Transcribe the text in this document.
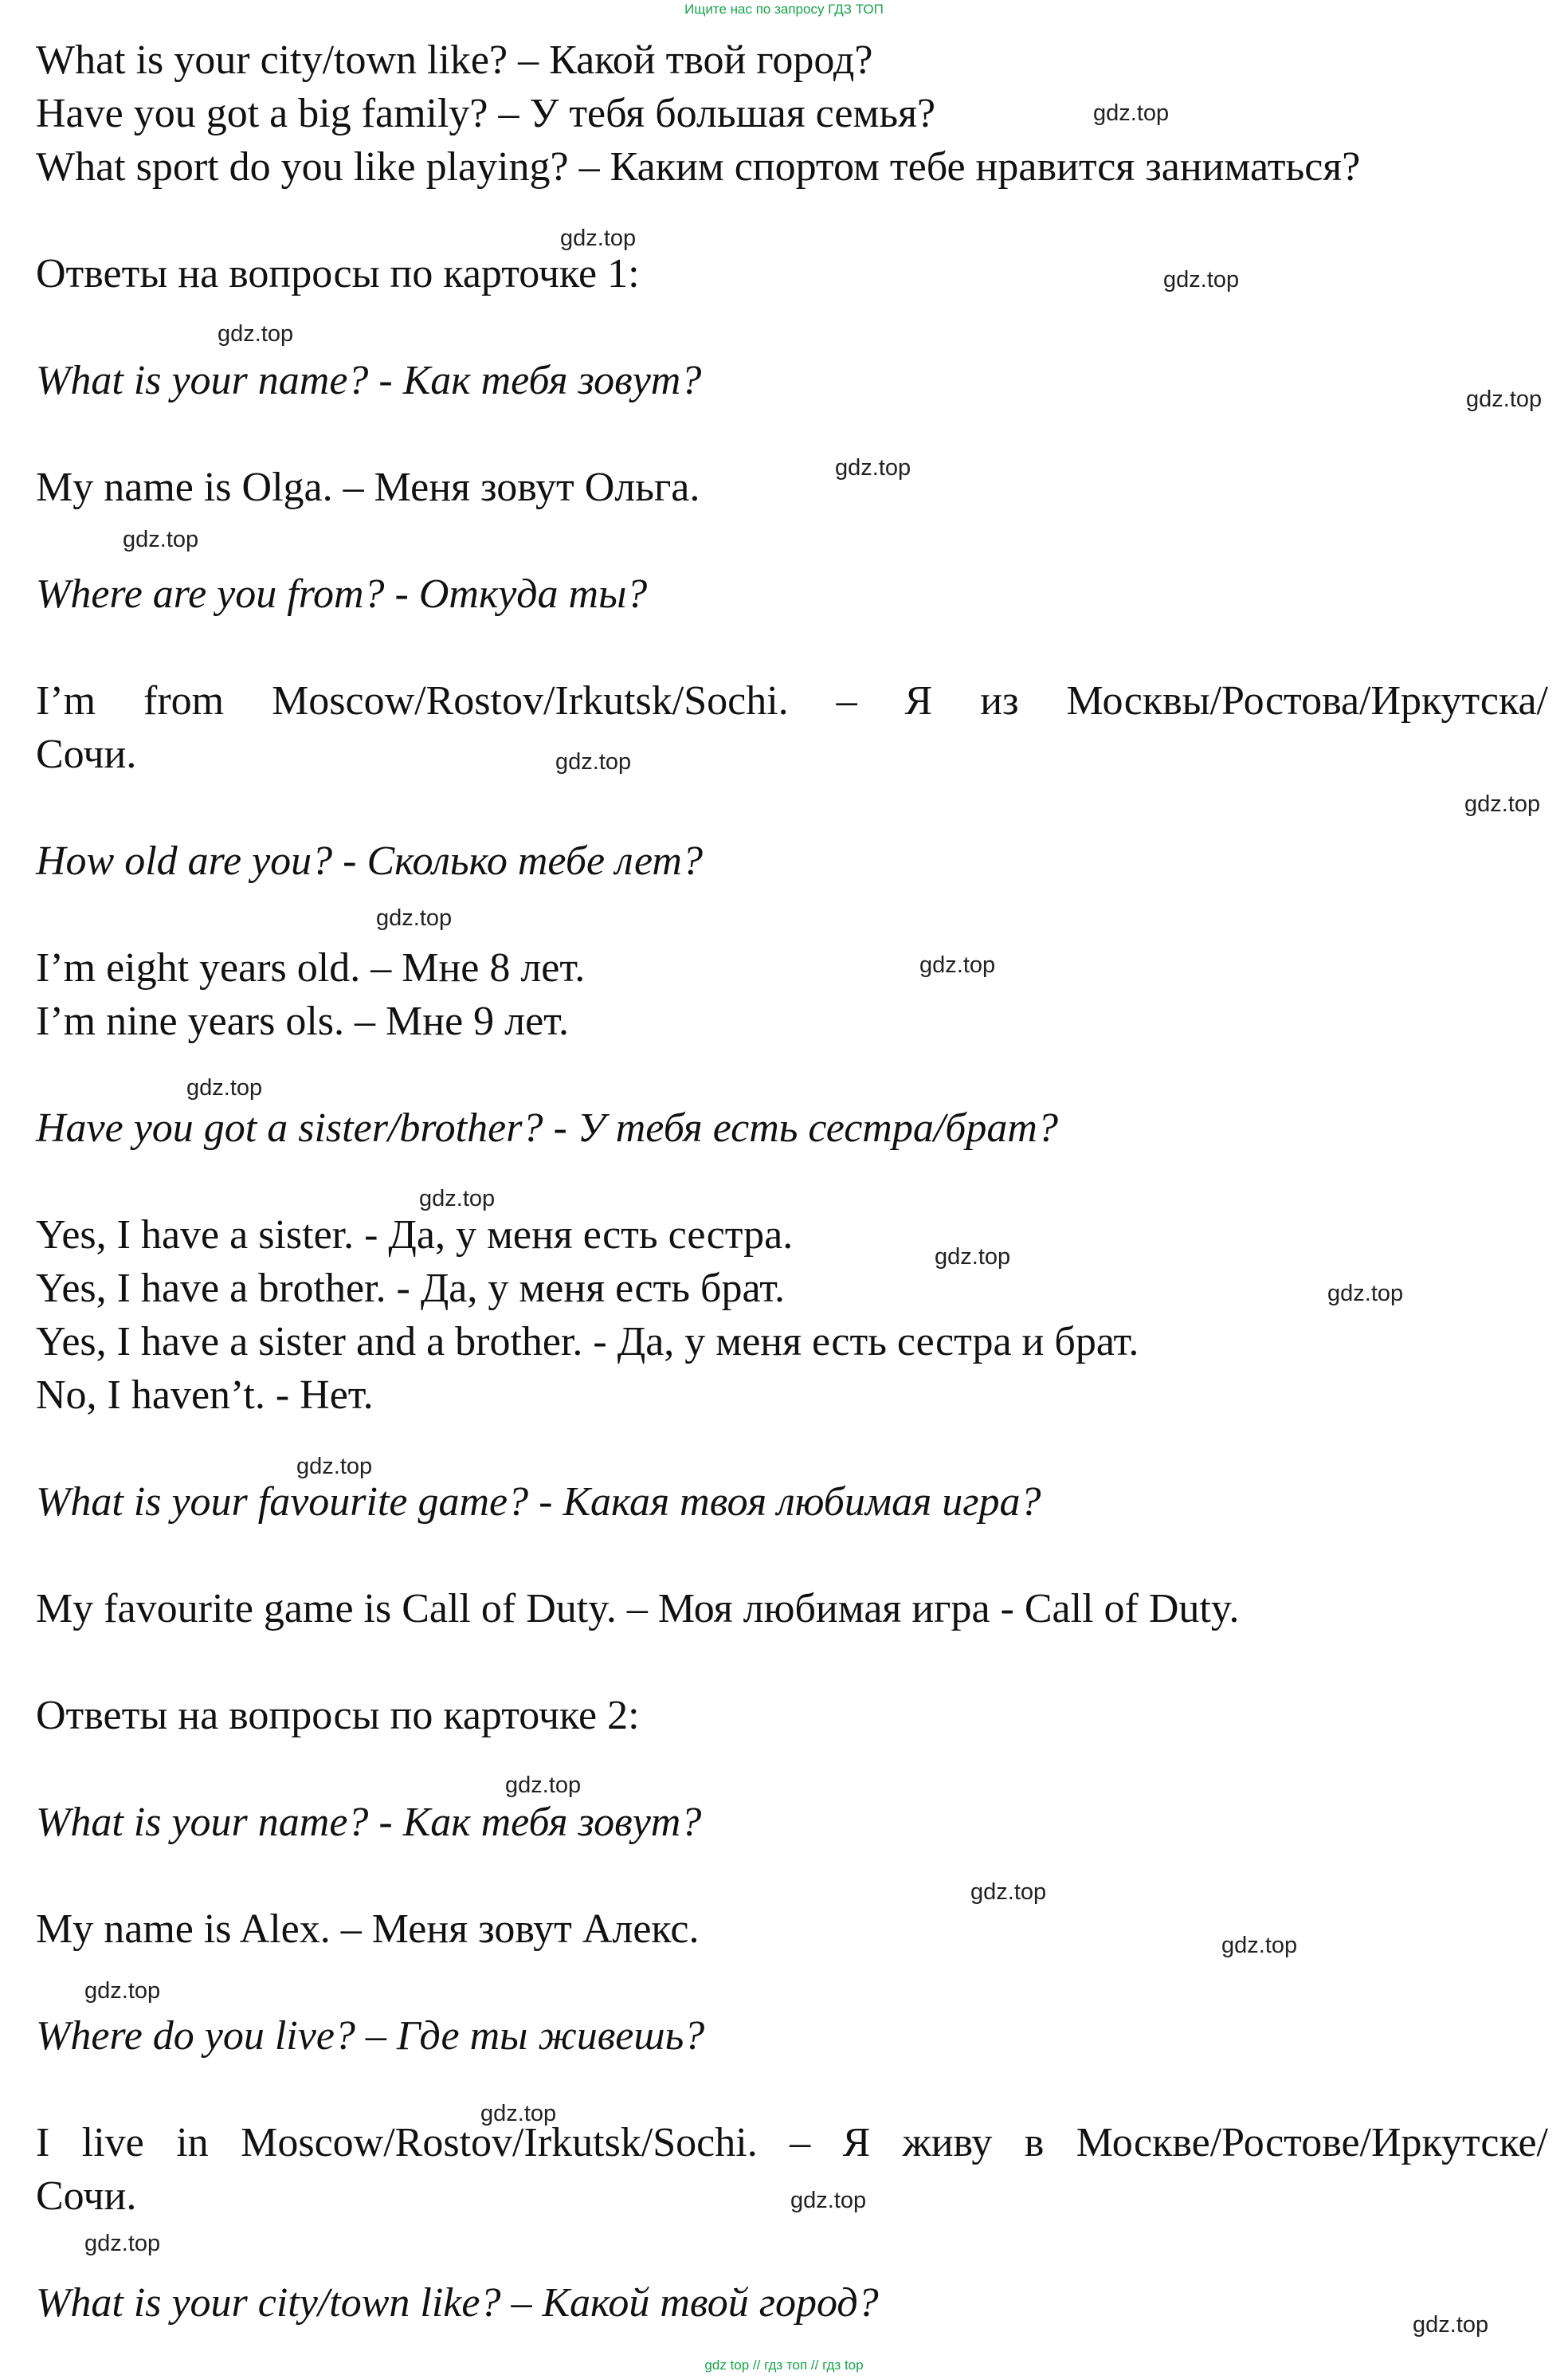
Ищите нас по запросу ГДЗ ТОП

What is your city/town like? – Какой твой город?

Have you got a big family? – У тебя большая семья?

What sport do you like playing? – Каким спортом тебе нравится заниматься?

Ответы на вопросы по карточке 1:

What is your name? - Как тебя зовут?

My name is Olga. – Меня зовут Ольга.

Where are you from? - Откуда ты?

I’m from Moscow/Rostov/Irkutsk/Sochi. – Я из Москвы/Ростова/Иркутска/

Сочи.

How old are you? - Сколько тебе лет?

I’m eight years old. – Мне 8 лет.

I’m nine years ols. – Мне 9 лет.

Have you got a sister/brother? - У тебя есть сестра/брат?

Yes, I have a sister. - Да, у меня есть сестра.

Yes, I have a brother. - Да, у меня есть брат.

Yes, I have a sister and a brother. - Да, у меня есть сестра и брат.

No, I haven’t. - Нет.

What is your favourite game? - Какая твоя любимая игра?

My favourite game is Call of Duty. – Моя любимая игра - Call of Duty.

Ответы на вопросы по карточке 2:

What is your name? - Как тебя зовут?

My name is Alex. – Меня зовут Алекс.

Where do you live? – Где ты живешь?

I live in Moscow/Rostov/Irkutsk/Sochi. – Я живу в Москве/Ростове/Иркутске/

Сочи.

What is your city/town like? – Какой твой город?

gdz.top
gdz.top
gdz.top
gdz.top
gdz.top
gdz.top
gdz.top
gdz.top
gdz.top
gdz.top
gdz.top
gdz.top
gdz.top
gdz.top
gdz.top
gdz.top
gdz.top
gdz.top
gdz.top
gdz.top
gdz.top
gdz.top
gdz.top
gdz.top
gdz top // гдз топ // гдз top
